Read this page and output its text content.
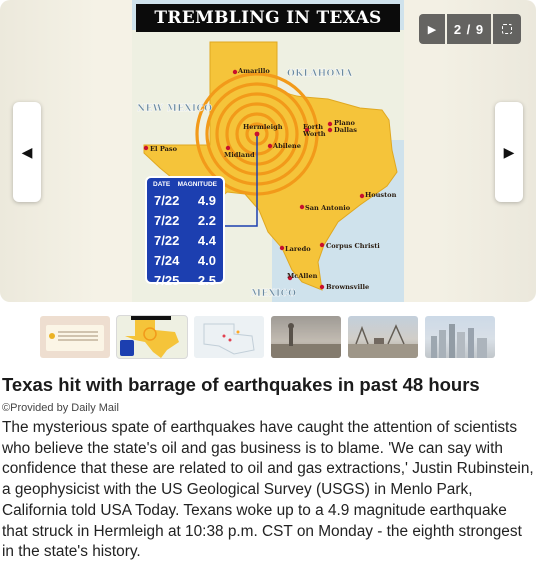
TREMBLING IN TEXAS
OKLAHOMA
NEW MEXICO
MEXICO
Amarillo
Hermleigh	Forth
Worth
Plano
Dallas
Abilene
Midland
El Paso
Houston
San Antonio
Laredo Corpus Christi
McAllen
Brownsville
DATE MAGNITUDE
7/22 4.9
7/22 2.2
7/22 4.4
7/24 4.0
7/25 2.5
▶	2 / 9
◀	▶
Texas hit with barrage of earthquakes in past 48 hours
©Provided by Daily Mail

The mysterious spate of earthquakes have caught the attention of scientists who believe the state's oil and gas business is to blame. 'We can say with confidence that these are related to oil and gas extractions,' Justin Rubinstein, a geophysicist with the US Geological Survey (USGS) in Menlo Park, California told USA Today. Texans woke up to a 4.9 magnitude earthquake that struck in Hermleigh at 10:38 p.m. CST on Monday - the eighth strongest in the state's history.
